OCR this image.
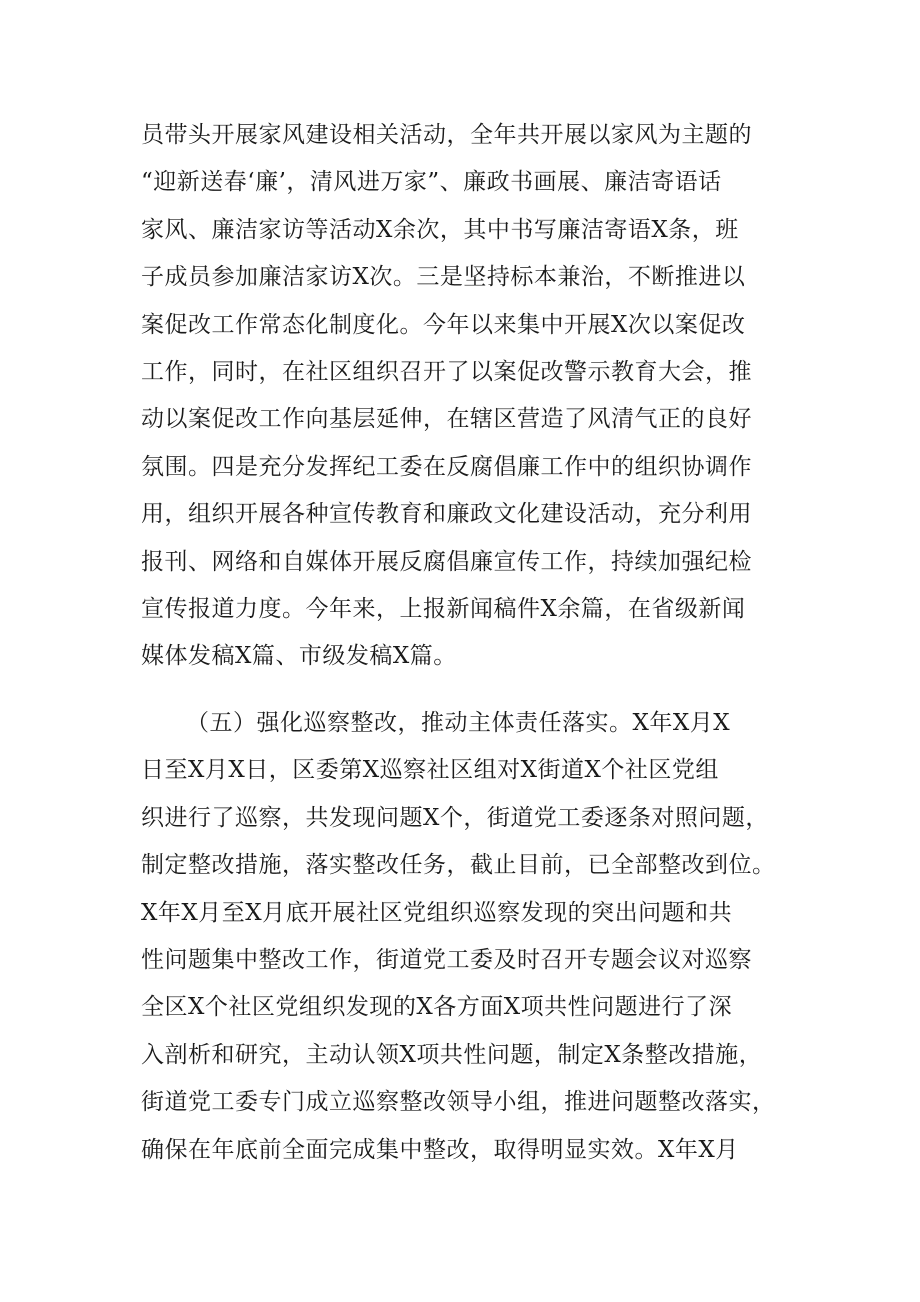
员带头开展家风建设相关活动，全年共开展以家风为主题的
“迎新送春‘廉’，清风进万家”、廉政书画展、廉洁寄语话
家风、廉洁家访等活动X余次，其中书写廉洁寄语X条，班
子成员参加廉洁家访X次。三是坚持标本兼治，不断推进以
案促改工作常态化制度化。今年以来集中开展X次以案促改
工作，同时，在社区组织召开了以案促改警示教育大会，推
动以案促改工作向基层延伸，在辖区营造了风清气正的良好
氛围。四是充分发挥纪工委在反腐倡廉工作中的组织协调作
用，组织开展各种宣传教育和廉政文化建设活动，充分利用
报刊、网络和自媒体开展反腐倡廉宣传工作，持续加强纪检
宣传报道力度。今年来，上报新闻稿件X余篇，在省级新闻
媒体发稿X篇、市级发稿X篇。
（五）强化巡察整改，推动主体责任落实。X年X月X
日至X月X日，区委第X巡察社区组对X街道X个社区党组
织进行了巡察，共发现问题X个，街道党工委逐条对照问题，
制定整改措施，落实整改任务，截止目前，已全部整改到位。
X年X月至X月底开展社区党组织巡察发现的突出问题和共
性问题集中整改工作，街道党工委及时召开专题会议对巡察
全区X个社区党组织发现的X各方面X项共性问题进行了深
入剖析和研究，主动认领X项共性问题，制定X条整改措施，
街道党工委专门成立巡察整改领导小组，推进问题整改落实，
确保在年底前全面完成集中整改，取得明显实效。X年X月
